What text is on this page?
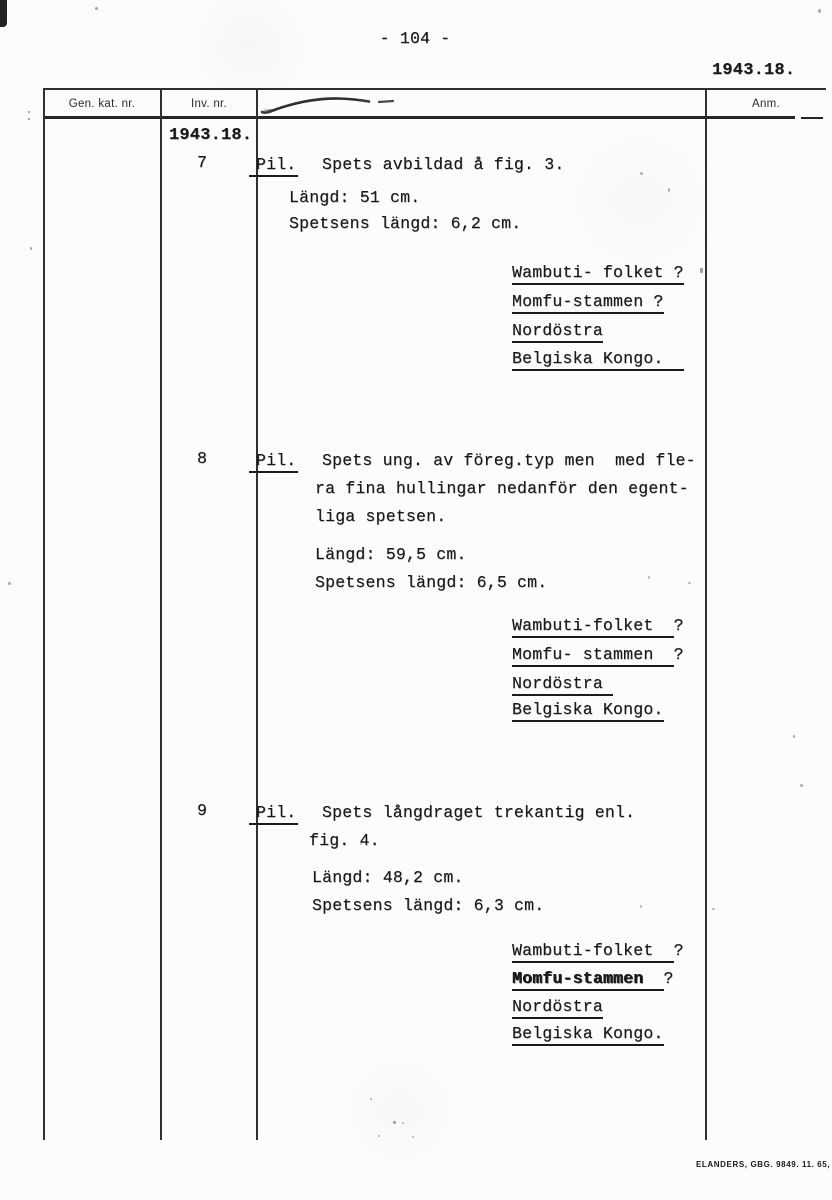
- 104 -
1943.18.
Gen. kat. nr.	Inv. nr.	Anm.
1943.18.
7	Pil. Spets avbildad å fig. 3.
Längd: 51 cm.
Spetsens längd: 6,2 cm.
Wambuti- folket ?
Momfu-stammen ?
Nordöstra
Belgiska Kongo.
8	Pil. Spets ung. av föreg.typ men  med fle-
ra fina hullingar nedanför den egent-
liga spetsen.
Längd: 59,5 cm.
Spetsens längd: 6,5 cm.
Wambuti-folket  ?
Momfu- stammen  ?
Nordöstra
Belgiska Kongo.
9	Pil. Spets långdraget trekantig enl.
fig. 4.
Längd: 48,2 cm.
Spetsens längd: 6,3 cm.
Wambuti-folket  ?
Momfu-stammen  ?
Nordöstra
Belgiska Kongo.
ELANDERS, GBG. 9849. 11. 65,
